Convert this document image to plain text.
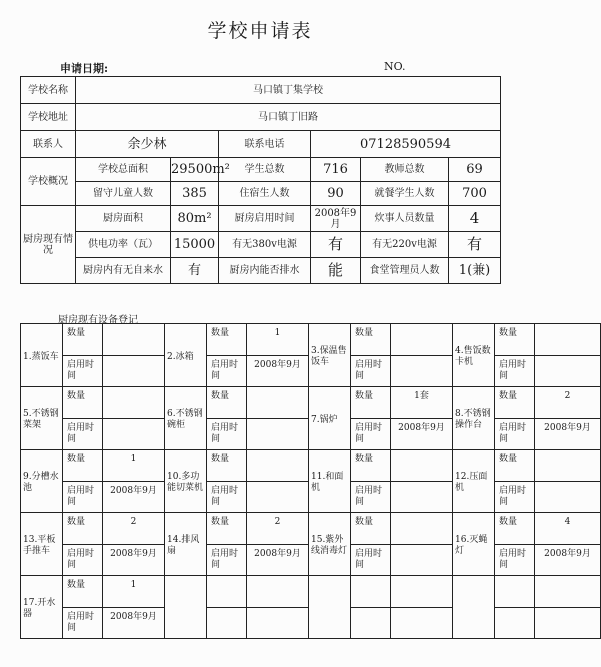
学校申请表
申请日期:	NO.
学校名称	马口镇丁集学校					
学校地址	马口镇丁旧路					
联系人	余少林		联系电话	07128590594		
学校概况	学校总面积	29500m²	学生总数	716	教师总数	69
	留守儿童人数	385	住宿生人数	90	就餐学生人数	700
厨房现有情况	厨房面积	80m²	厨房启用时间	2008年9月	炊事人员数量	4
	供电功率（瓦）	15000	有无380v电源	有	有无220v电源	有
	厨房内有无自来水	有	厨房内能否排水	能	食堂管理员人数	1(兼)
厨房现有设备登记
1.蒸饭车	数量		2.冰箱	数量	1	3.保温售饭车	数量		4.售饭数卡机	数量	
	启用时间			启用时间	2008年9月		启用时间			启用时间	
5.不锈钢菜架	数量		6.不锈钢碗柜	数量		7.锅炉	数量	1套	8.不锈钢操作台	数量	2
	启用时间			启用时间			启用时间	2008年9月		启用时间	2008年9月
9.分槽水池	数量	1	10.多功能切菜机	数量		11.和面机	数量		12.压面机	数量	
	启用时间	2008年9月		启用时间			启用时间			启用时间	
13.平板手推车	数量	2	14.排风扇	数量	2	15.紫外线消毒灯	数量		16.灭蝇灯	数量	4
	启用时间	2008年9月		启用时间	2008年9月		启用时间			启用时间	2008年9月
17.开水器	数量	1									
	启用时间	2008年9月									
